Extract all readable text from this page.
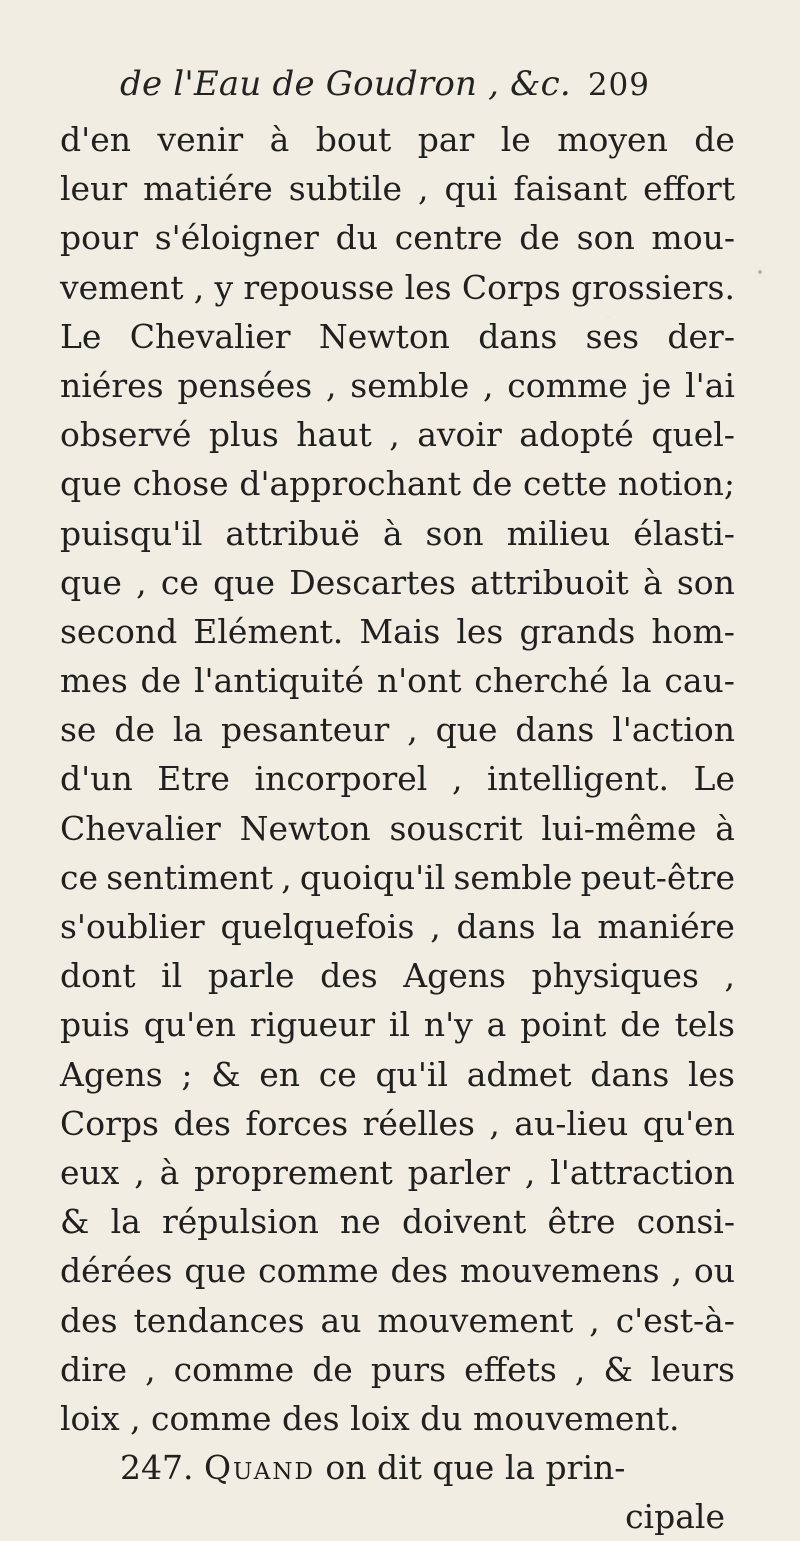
de l'Eau de Goudron , &c. 209
d'en venir à bout par le moyen de
leur matiére subtile , qui faisant effort
pour s'éloigner du centre de son mou-
vement , y repousse les Corps grossiers.
Le Chevalier Newton dans ses der-
niéres pensées , semble , comme je l'ai
observé plus haut , avoir adopté quel-
que chose d'approchant de cette notion;
puisqu'il attribuë à son milieu élasti-
que , ce que Descartes attribuoit à son
second Elément. Mais les grands hom-
mes de l'antiquité n'ont cherché la cau-
se de la pesanteur , que dans l'action
d'un Etre incorporel , intelligent. Le
Chevalier Newton souscrit lui-même à
ce sentiment , quoiqu'il semble peut-être
s'oublier quelquefois , dans la maniére
dont il parle des Agens physiques ,
puis qu'en rigueur il n'y a point de tels
Agens ; & en ce qu'il admet dans les
Corps des forces réelles , au-lieu qu'en
eux , à proprement parler , l'attraction
& la répulsion ne doivent être consi-
dérées que comme des mouvemens , ou
des tendances au mouvement , c'est-à-
dire , comme de purs effets , & leurs
loix , comme des loix du mouvement.
247. Quand on dit que la prin-
cipale
